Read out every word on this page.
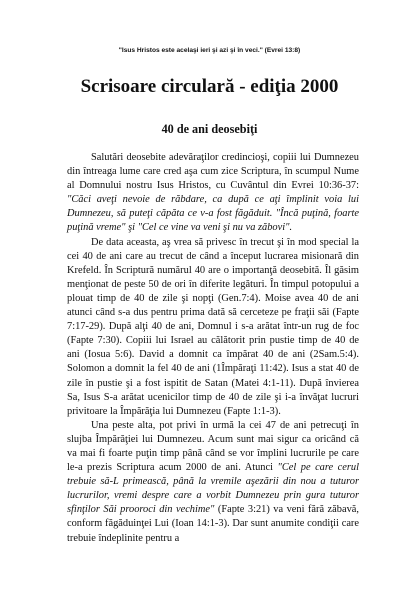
"Isus Hristos este acelaşi ieri şi azi şi în veci." (Evrei 13:8)
Scrisoare circulară - ediţia 2000
40 de ani deosebiţi

Salutări deosebite adevăraţilor credincioşi, copiii lui Dumnezeu din întreaga lume care cred aşa cum zice Scriptura, în scumpul Nume al Domnului nostru Isus Hristos, cu Cuvântul din Evrei 10:36-37: "Căci aveţi nevoie de răbdare, ca după ce aţi împlinit voia lui Dumnezeu, să puteţi căpăta ce v-a fost făgăduit. "Încă puţină, foarte puţină vreme" şi "Cel ce vine va veni şi nu va zăbovi".

De data aceasta, aş vrea să privesc în trecut şi în mod special la cei 40 de ani care au trecut de când a început lucrarea misionară din Krefeld. În Scriptură numărul 40 are o importanţă deosebită. Îl găsim menţionat de peste 50 de ori în diferite legături. În timpul potopului a plouat timp de 40 de zile şi nopţi (Gen.7:4). Moise avea 40 de ani atunci când s-a dus pentru prima dată să cerceteze pe fraţii săi (Fapte 7:17-29). După alţi 40 de ani, Domnul i s-a arătat într-un rug de foc (Fapte 7:30). Copiii lui Israel au călătorit prin pustie timp de 40 de ani (Iosua 5:6). David a domnit ca împărat 40 de ani (2Sam.5:4). Solomon a domnit la fel 40 de ani (1Împăraţi 11:42). Isus a stat 40 de zile în pustie şi a fost ispitit de Satan (Matei 4:1-11). După învierea Sa, Isus S-a arătat ucenicilor timp de 40 de zile şi i-a învăţat lucruri privitoare la Împărăţia lui Dumnezeu (Fapte 1:1-3).

Una peste alta, pot privi în urmă la cei 47 de ani petrecuţi în slujba Împărăţiei lui Dumnezeu. Acum sunt mai sigur ca oricând că va mai fi foarte puţin timp până când se vor împlini lucrurile pe care le-a prezis Scriptura acum 2000 de ani. Atunci "Cel pe care cerul trebuie să-L primească, până la vremile aşezării din nou a tuturor lucrurilor, vremi despre care a vorbit Dumnezeu prin gura tuturor sfinţilor Săi prooroci din vechime" (Fapte 3:21) va veni fără zăbavă, conform făgăduinţei Lui (Ioan 14:1-3). Dar sunt anumite condiţii care trebuie îndeplinite pentru a
